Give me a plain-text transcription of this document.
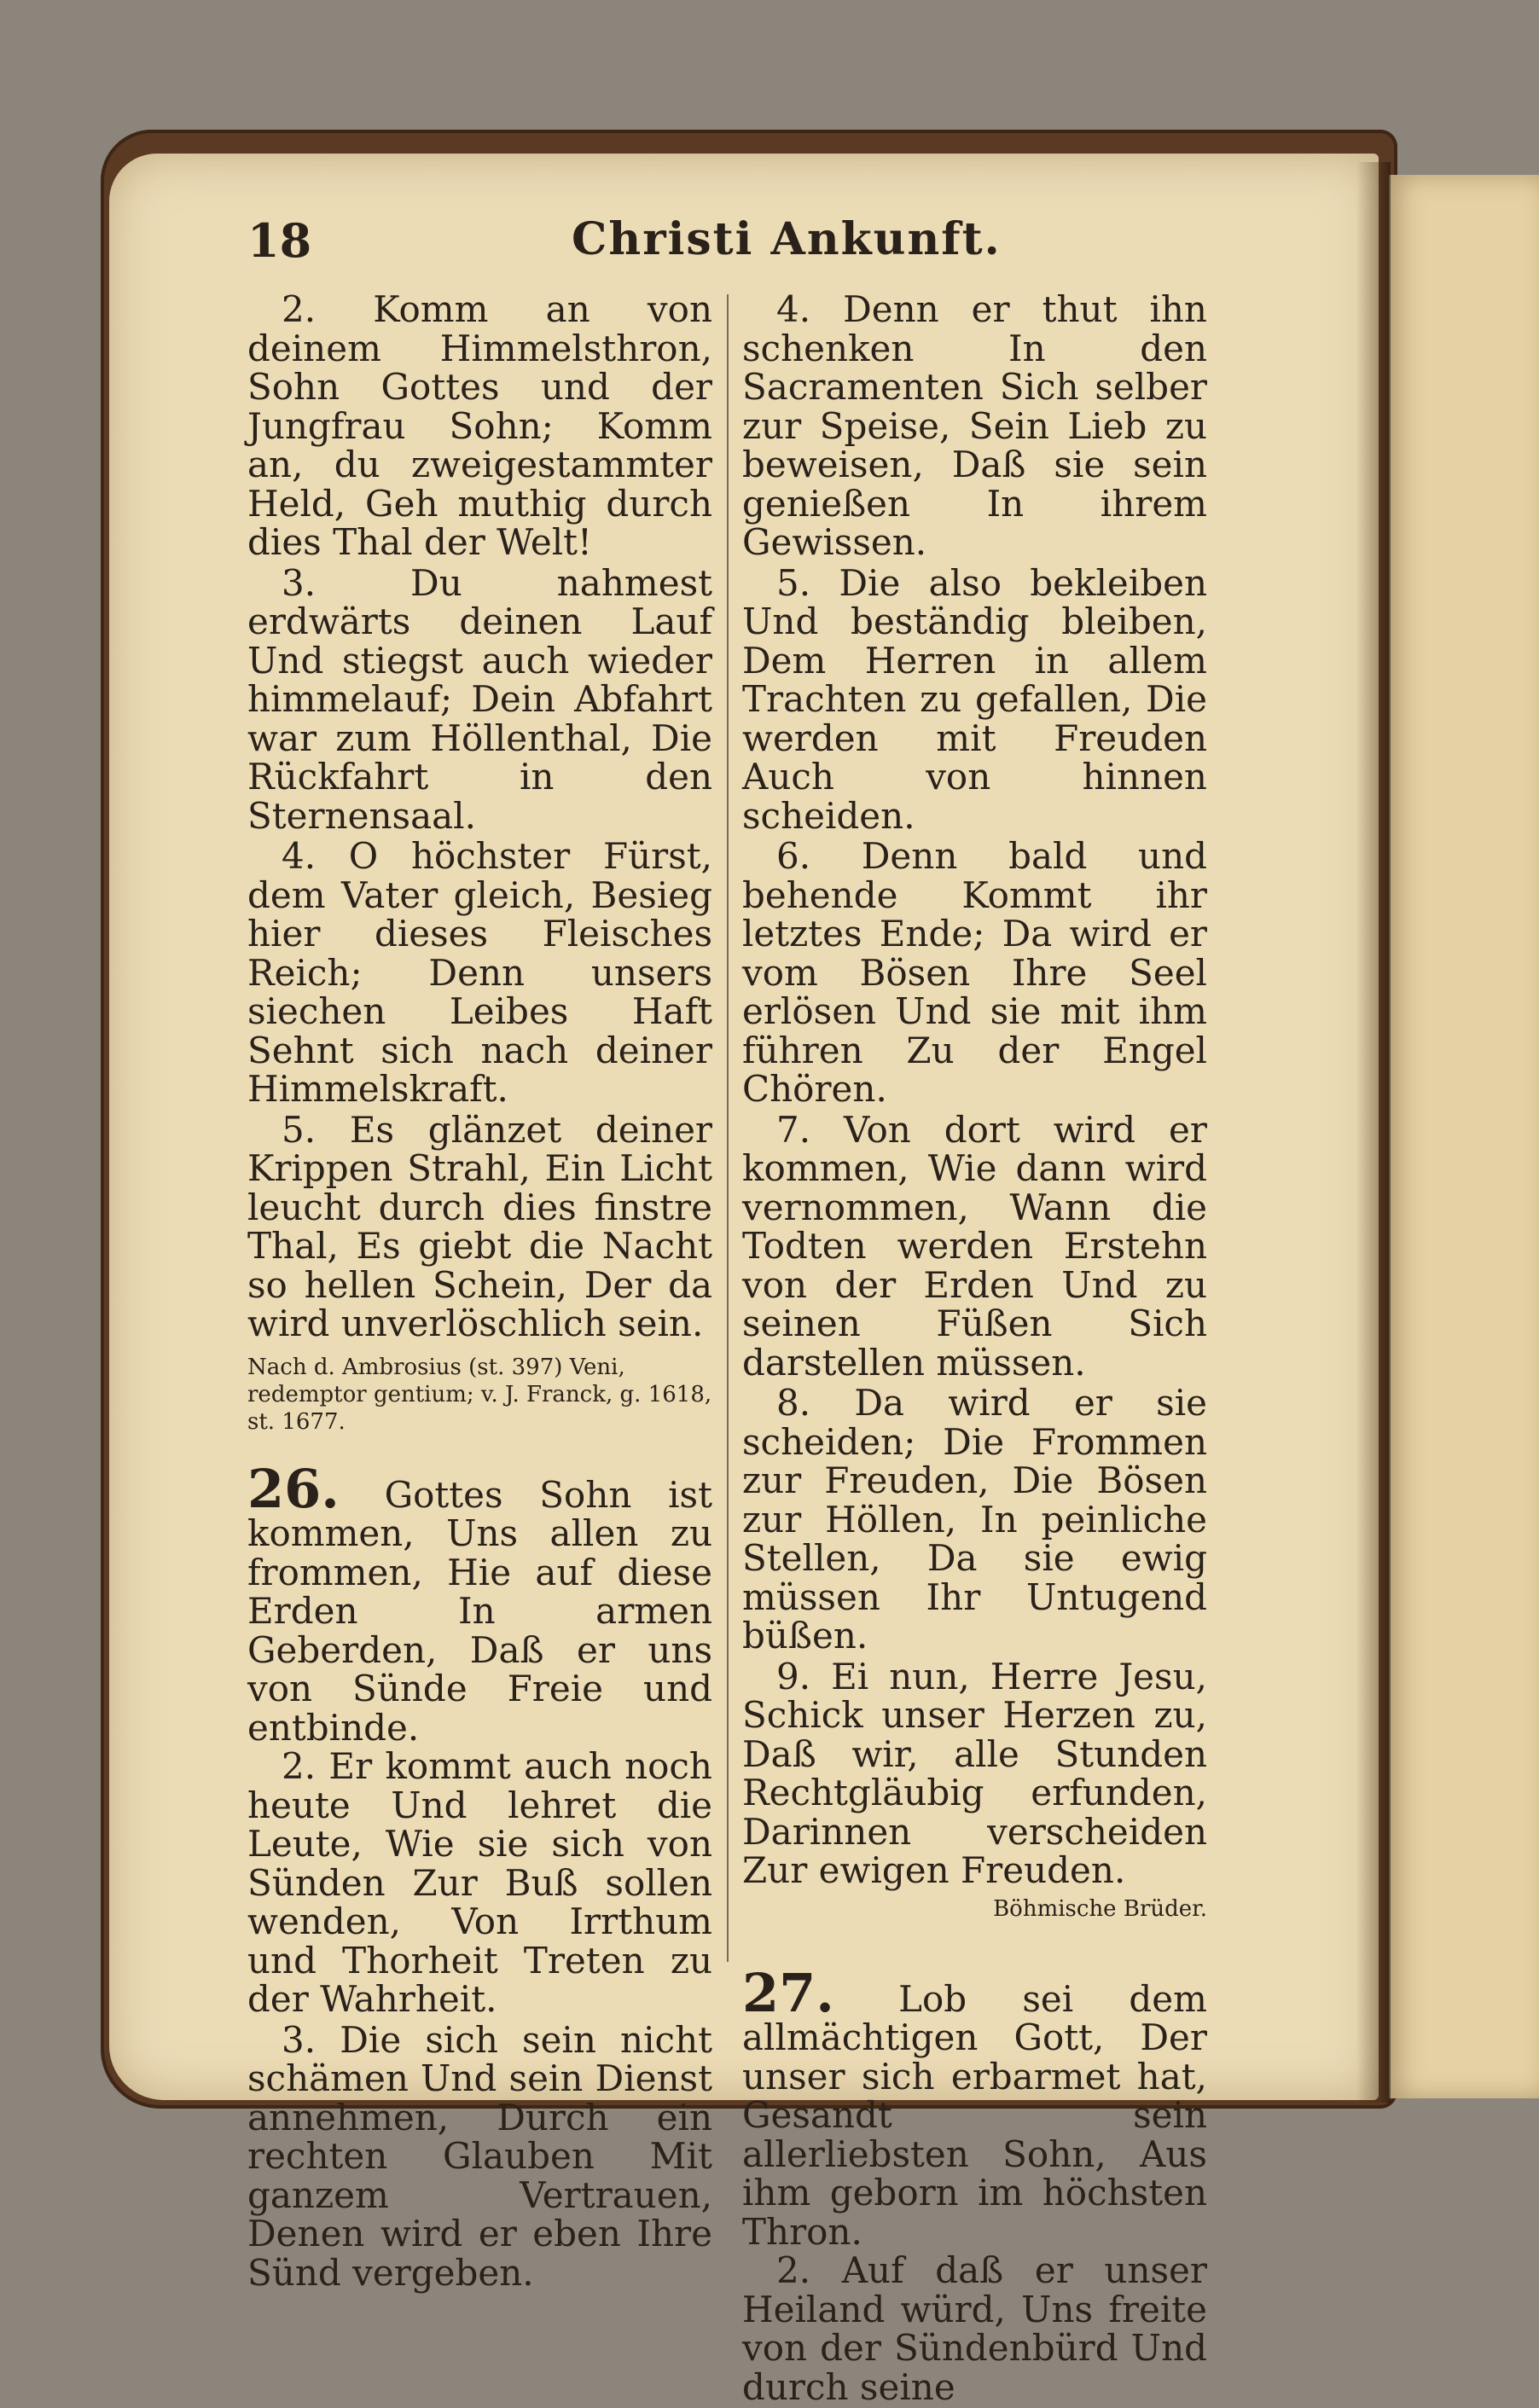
18	Christi Ankunft.

2. Komm an von deinem Himmelsthron, Sohn Gottes und der Jungfrau Sohn; Komm an, du zweigestammter Held, Geh muthig durch dies Thal der Welt!

3. Du nahmest erdwärts deinen Lauf Und stiegst auch wieder himmelauf; Dein Abfahrt war zum Höllenthal, Die Rückfahrt in den Sternensaal.

4. O höchster Fürst, dem Vater gleich, Besieg hier dieses Fleisches Reich; Denn unsers siechen Leibes Haft Sehnt sich nach deiner Himmelskraft.

5. Es glänzet deiner Krippen Strahl, Ein Licht leucht durch dies finstre Thal, Es giebt die Nacht so hellen Schein, Der da wird unverlöschlich sein.

Nach d. Ambrosius (st. 397) Veni, redemptor gentium; v. J. Franck, g. 1618, st. 1677.

26. Gottes Sohn ist kommen, Uns allen zu frommen, Hie auf diese Erden In armen Geberden, Daß er uns von Sünde Freie und entbinde.

2. Er kommt auch noch heute Und lehret die Leute, Wie sie sich von Sünden Zur Buß sollen wenden, Von Irrthum und Thorheit Treten zu der Wahrheit.

3. Die sich sein nicht schämen Und sein Dienst annehmen, Durch ein rechten Glauben Mit ganzem Vertrauen, Denen wird er eben Ihre Sünd vergeben.

4. Denn er thut ihn schenken In den Sacramenten Sich selber zur Speise, Sein Lieb zu beweisen, Daß sie sein genießen In ihrem Gewissen.

5. Die also bekleiben Und beständig bleiben, Dem Herren in allem Trachten zu gefallen, Die werden mit Freuden Auch von hinnen scheiden.

6. Denn bald und behende Kommt ihr letztes Ende; Da wird er vom Bösen Ihre Seel erlösen Und sie mit ihm führen Zu der Engel Chören.

7. Von dort wird er kommen, Wie dann wird vernommen, Wann die Todten werden Erstehn von der Erden Und zu seinen Füßen Sich darstellen müssen.

8. Da wird er sie scheiden; Die Frommen zur Freuden, Die Bösen zur Höllen, In peinliche Stellen, Da sie ewig müssen Ihr Untugend büßen.

9. Ei nun, Herre Jesu, Schick unser Herzen zu, Daß wir, alle Stunden Rechtgläubig erfunden, Darinnen verscheiden Zur ewigen Freuden.

Böhmische Brüder.

27. Lob sei dem allmächtigen Gott, Der unser sich erbarmet hat, Gesandt sein allerliebsten Sohn, Aus ihm geborn im höchsten Thron.

2. Auf daß er unser Heiland würd, Uns freite von der Sündenbürd Und durch seine
